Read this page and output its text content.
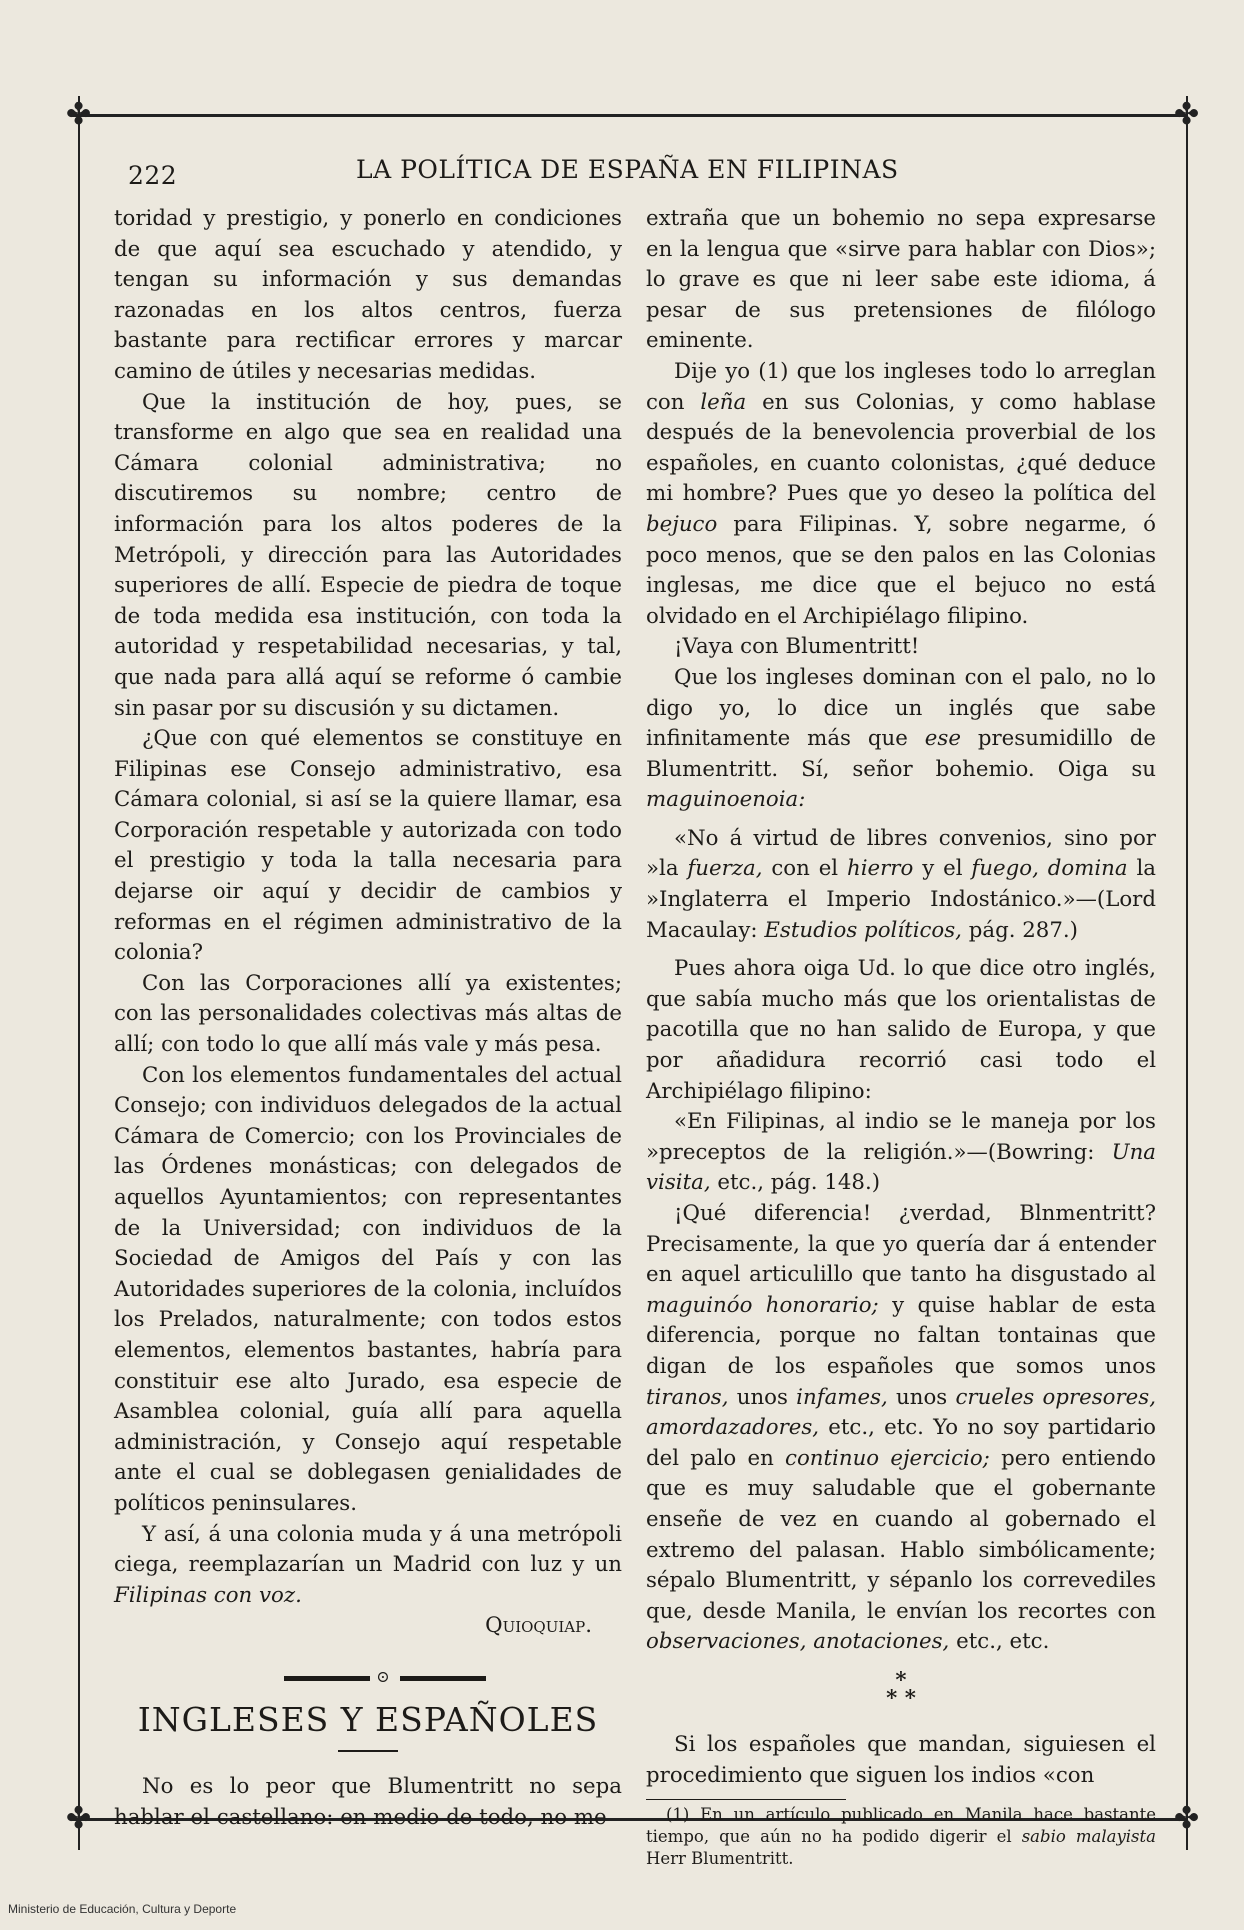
✤	✤
✤	✤
222	LA POLÍTICA DE ESPAÑA EN FILIPINAS

toridad y prestigio, y ponerlo en condiciones de que aquí sea escuchado y atendido, y tengan su información y sus demandas razonadas en los altos centros, fuerza bastante para rectificar errores y marcar camino de útiles y necesarias medidas.

Que la institución de hoy, pues, se transforme en algo que sea en realidad una Cámara colonial administrativa; no discutiremos su nombre; centro de información para los altos poderes de la Metrópoli, y dirección para las Autoridades superiores de allí. Especie de piedra de toque de toda medida esa institución, con toda la autoridad y respetabilidad necesarias, y tal, que nada para allá aquí se reforme ó cambie sin pasar por su discusión y su dictamen.

¿Que con qué elementos se constituye en Filipinas ese Consejo administrativo, esa Cámara colonial, si así se la quiere llamar, esa Corporación respetable y autorizada con todo el prestigio y toda la talla necesaria para dejarse oir aquí y decidir de cambios y reformas en el régimen administrativo de la colonia?

Con las Corporaciones allí ya existentes; con las personalidades colectivas más altas de allí; con todo lo que allí más vale y más pesa.

Con los elementos fundamentales del actual Consejo; con individuos delegados de la actual Cámara de Comercio; con los Provinciales de las Órdenes monásticas; con delegados de aquellos Ayuntamientos; con representantes de la Universidad; con individuos de la Sociedad de Amigos del País y con las Autoridades superiores de la colonia, incluídos los Prelados, naturalmente; con todos estos elementos, elementos bastantes, habría para constituir ese alto Jurado, esa especie de Asamblea colonial, guía allí para aquella administración, y Consejo aquí respetable ante el cual se doblegasen genialidades de políticos peninsulares.

Y así, á una colonia muda y á una metrópoli ciega, reemplazarían un Madrid con luz y un Filipinas con voz.

Quioquiap.

⊙

INGLESES Y ESPAÑOLES

No es lo peor que Blumentritt no sepa hablar el castellano: en medio de todo, no me

extraña que un bohemio no sepa expresarse en la lengua que «sirve para hablar con Dios»; lo grave es que ni leer sabe este idioma, á pesar de sus pretensiones de filólogo eminente.

Dije yo (1) que los ingleses todo lo arreglan con leña en sus Colonias, y como hablase después de la benevolencia proverbial de los españoles, en cuanto colonistas, ¿qué deduce mi hombre? Pues que yo deseo la política del bejuco para Filipinas. Y, sobre negarme, ó poco menos, que se den palos en las Colonias inglesas, me dice que el bejuco no está olvidado en el Archipiélago filipino.

¡Vaya con Blumentritt!

Que los ingleses dominan con el palo, no lo digo yo, lo dice un inglés que sabe infinitamente más que ese presumidillo de Blumentritt. Sí, señor bohemio. Oiga su maguinoenoia:

«No á virtud de libres convenios, sino por »la fuerza, con el hierro y el fuego, domina la »Inglaterra el Imperio Indostánico.»—(Lord Macaulay: Estudios políticos, pág. 287.)

Pues ahora oiga Ud. lo que dice otro inglés, que sabía mucho más que los orientalistas de pacotilla que no han salido de Europa, y que por añadidura recorrió casi todo el Archipiélago filipino:

«En Filipinas, al indio se le maneja por los »preceptos de la religión.»—(Bowring: Una visita, etc., pág. 148.)

¡Qué diferencia! ¿verdad, Blnmentritt? Precisamente, la que yo quería dar á entender en aquel articulillo que tanto ha disgustado al maguinóo honorario; y quise hablar de esta diferencia, porque no faltan tontainas que digan de los españoles que somos unos tiranos, unos infames, unos crueles opresores, amordazadores, etc., etc. Yo no soy partidario del palo en continuo ejercicio; pero entiendo que es muy saludable que el gobernante enseñe de vez en cuando al gobernado el extremo del palasan. Hablo simbólicamente; sépalo Blumentritt, y sépanlo los correvediles que, desde Manila, le envían los recortes con observaciones, anotaciones, etc., etc.

*
* *

Si los españoles que mandan, siguiesen el procedimiento que siguen los indios «con

(1) En un artículo publicado en Manila hace bastante tiempo, que aún no ha podido digerir el sabio malayista Herr Blumentritt.

Ministerio de Educación, Cultura y Deporte
